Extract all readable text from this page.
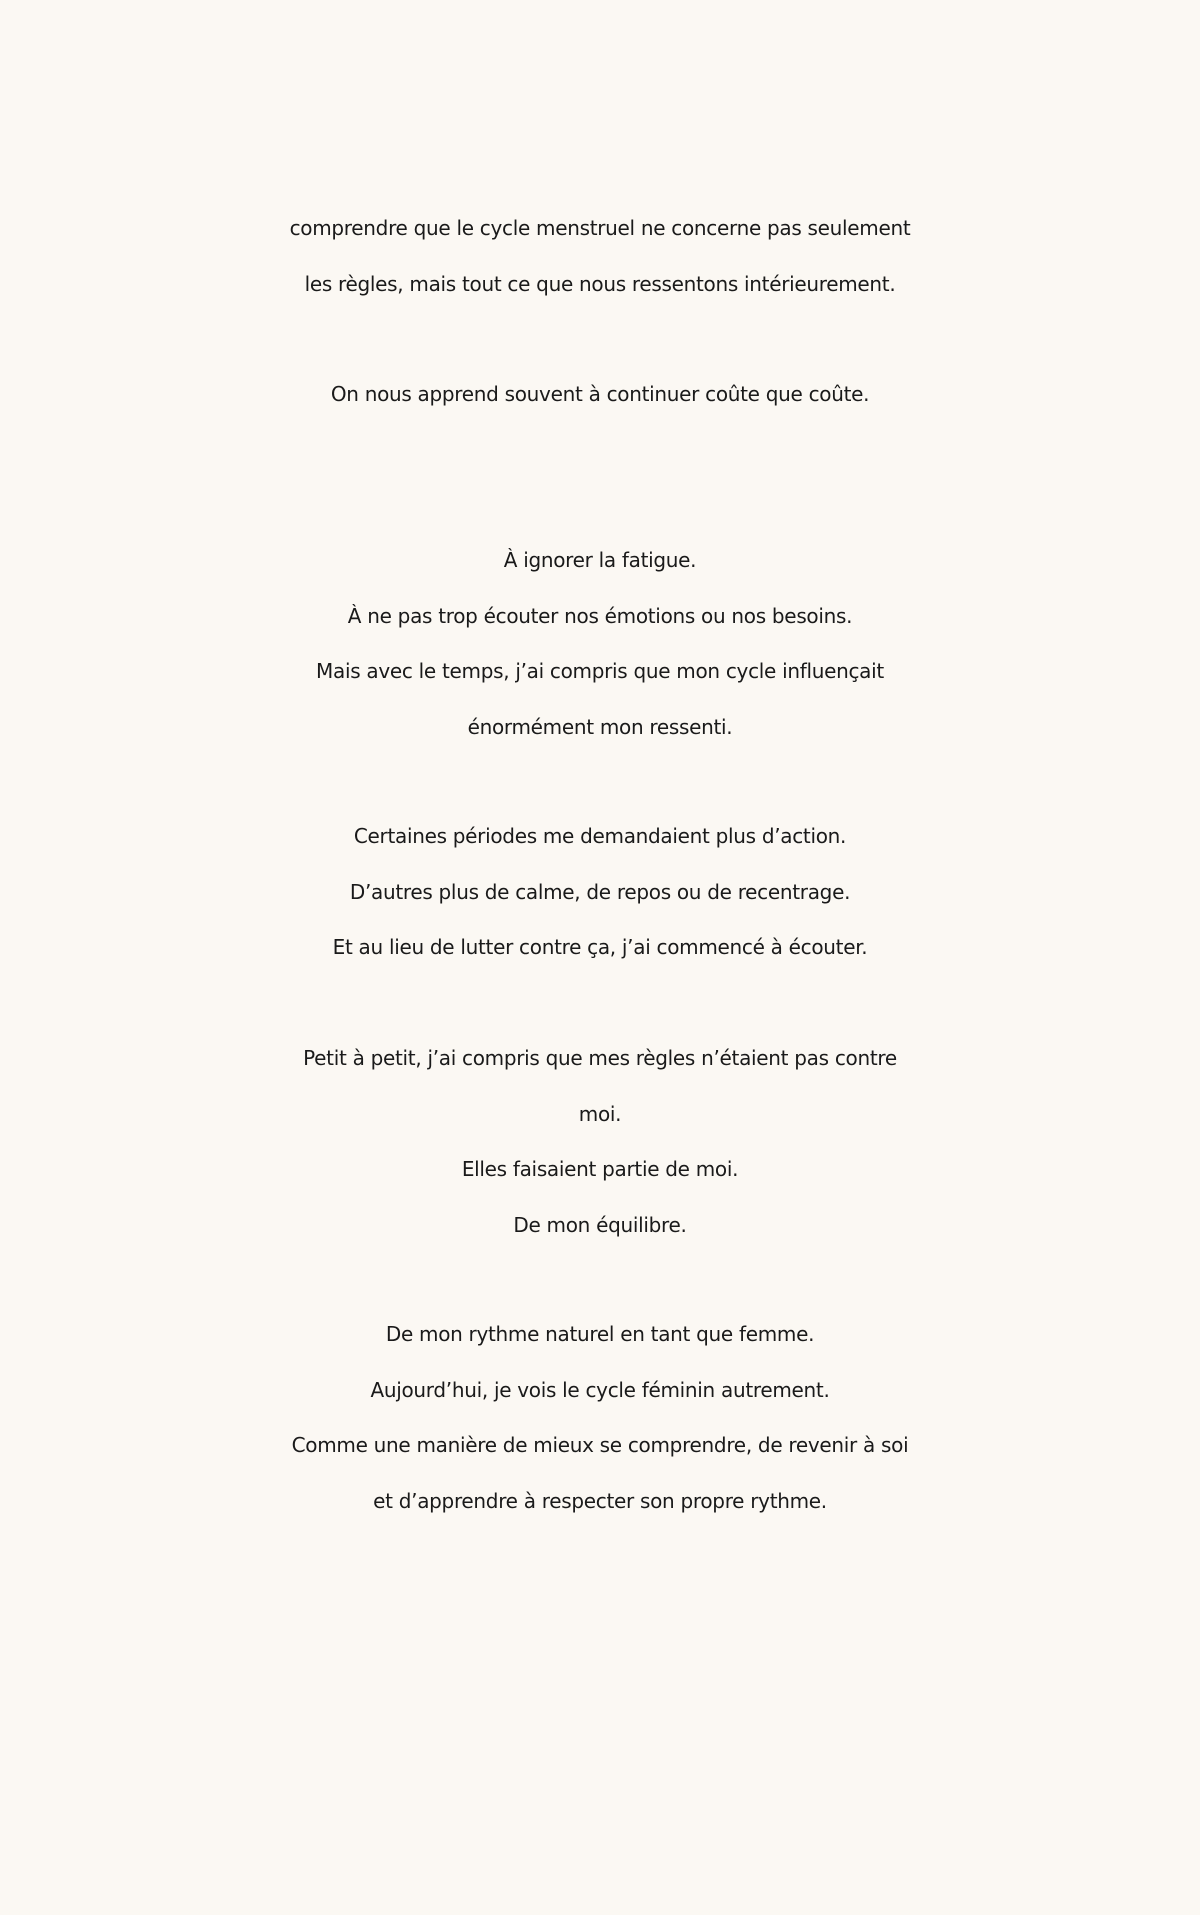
comprendre que le cycle menstruel ne concerne pas seulement
les règles, mais tout ce que nous ressentons intérieurement.
On nous apprend souvent à continuer coûte que coûte.
À ignorer la fatigue.
À ne pas trop écouter nos émotions ou nos besoins.
Mais avec le temps, j’ai compris que mon cycle influençait
énormément mon ressenti.
Certaines périodes me demandaient plus d’action.
D’autres plus de calme, de repos ou de recentrage.
Et au lieu de lutter contre ça, j’ai commencé à écouter.
Petit à petit, j’ai compris que mes règles n’étaient pas contre
moi.
Elles faisaient partie de moi.
De mon équilibre.
De mon rythme naturel en tant que femme.
Aujourd’hui, je vois le cycle féminin autrement.
Comme une manière de mieux se comprendre, de revenir à soi
et d’apprendre à respecter son propre rythme.
